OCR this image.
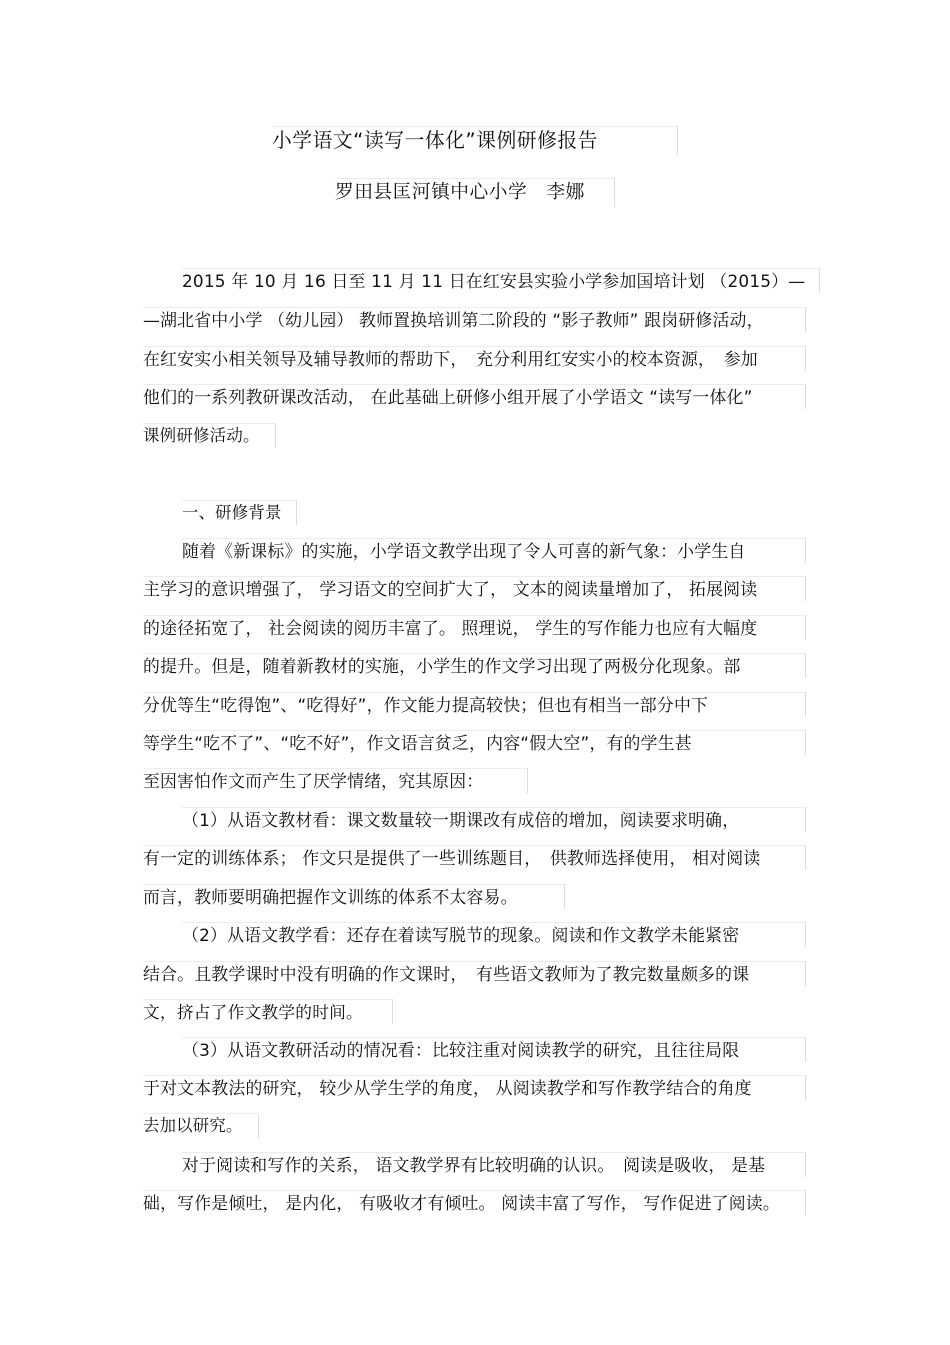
小学语文“读写一体化”课例研修报告
罗田县匡河镇中心小学　李娜
2015 年 10 月 16 日至 11 月 11 日在红安县实验小学参加国培计划 （2015）—
—湖北省中小学 （幼儿园） 教师置换培训第二阶段的 “影子教师” 跟岗研修活动，
在红安实小相关领导及辅导教师的帮助下，　充分利用红安实小的校本资源，　参加
他们的一系列教研课改活动， 在此基础上研修小组开展了小学语文 “读写一体化”
课例研修活动。
一、研修背景
随着《新课标》的实施，小学语文教学出现了令人可喜的新气象：小学生自
主学习的意识增强了， 学习语文的空间扩大了， 文本的阅读量增加了， 拓展阅读
的途径拓宽了， 社会阅读的阅历丰富了。 照理说， 学生的写作能力也应有大幅度
的提升。但是，随着新教材的实施，小学生的作文学习出现了两极分化现象。部
分优等生“吃得饱”、“吃得好”，作文能力提高较快；但也有相当一部分中下
等学生“吃不了”、“吃不好”，作文语言贫乏，内容“假大空”，有的学生甚
至因害怕作文而产生了厌学情绪，究其原因：
（1）从语文教材看：课文数量较一期课改有成倍的增加，阅读要求明确，
有一定的训练体系； 作文只是提供了一些训练题目，　供教师选择使用， 相对阅读
而言，教师要明确把握作文训练的体系不太容易。
（2）从语文教学看：还存在着读写脱节的现象。阅读和作文教学未能紧密
结合。且教学课时中没有明确的作文课时，　有些语文教师为了教完数量颇多的课
文，挤占了作文教学的时间。
（3）从语文教研活动的情况看：比较注重对阅读教学的研究，且往往局限
于对文本教法的研究， 较少从学生学的角度， 从阅读教学和写作教学结合的角度
去加以研究。
对于阅读和写作的关系， 语文教学界有比较明确的认识。　阅读是吸收， 是基
础，写作是倾吐， 是内化， 有吸收才有倾吐。 阅读丰富了写作， 写作促进了阅读。
